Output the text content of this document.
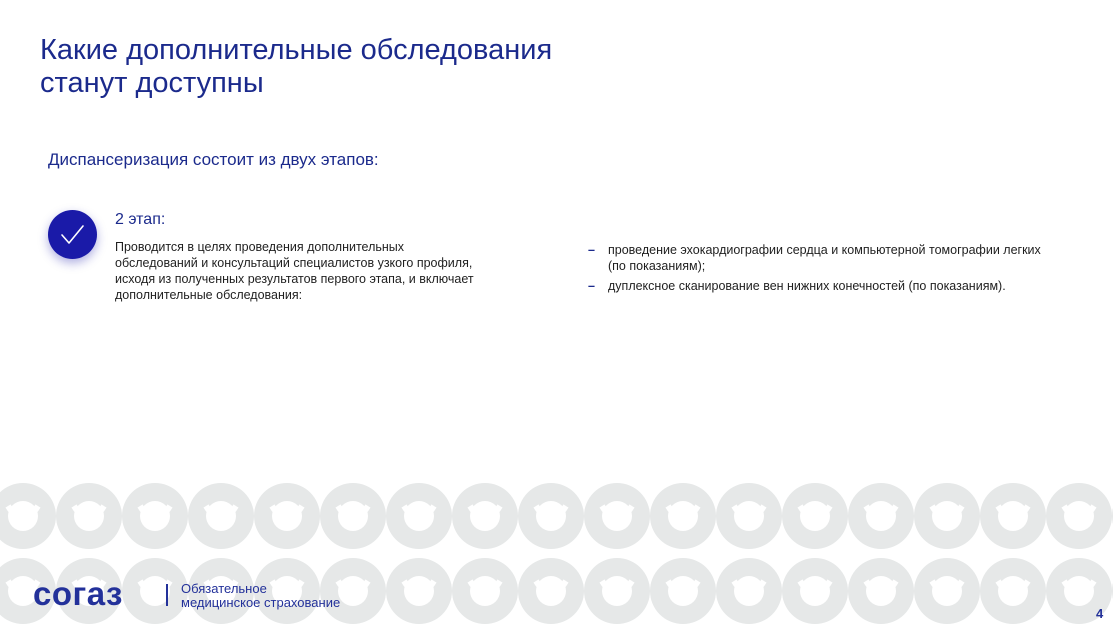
Какие дополнительные обследования
станут доступны
Диспансеризация состоит из двух этапов:
2 этап:
Проводится в целях проведения дополнительных обследований и консультаций специалистов узкого профиля, исходя из полученных результатов первого этапа, и включает дополнительные обследования:
– проведение эхокардиографии сердца и компьютерной томографии легких (по показаниям);
– дуплексное сканирование вен нижних конечностей (по показаниям).
согаз	Обязательное
медицинское страхование
4
